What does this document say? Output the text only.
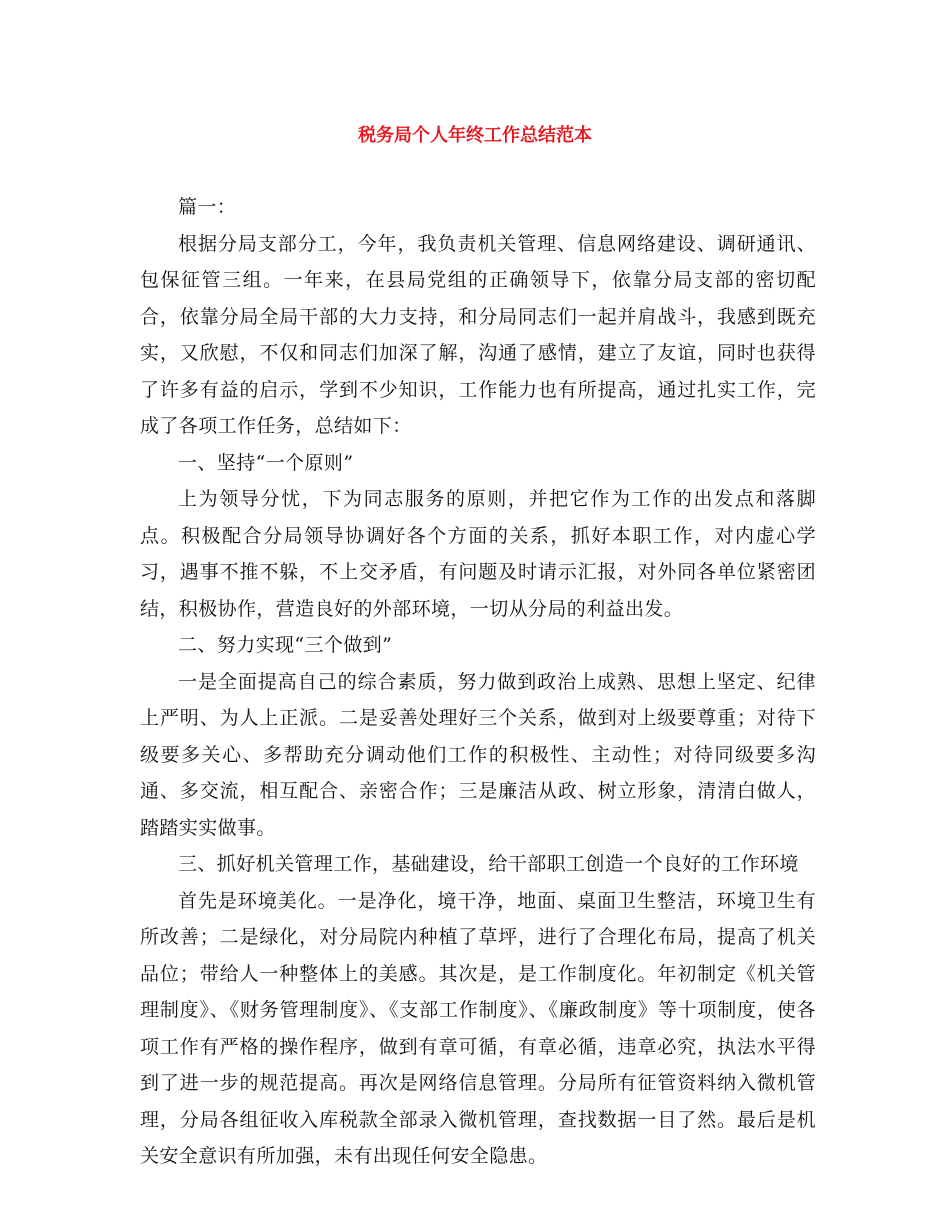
税务局个人年终工作总结范本

篇一：

根据分局支部分工，今年，我负责机关管理、信息网络建设、调研通讯、包保征管三组。一年来，在县局党组的正确领导下，依靠分局支部的密切配合，依靠分局全局干部的大力支持，和分局同志们一起并肩战斗，我感到既充实，又欣慰，不仅和同志们加深了解，沟通了感情，建立了友谊，同时也获得了许多有益的启示，学到不少知识，工作能力也有所提高，通过扎实工作，完成了各项工作任务，总结如下：

一、坚持“一个原则”

上为领导分忧，下为同志服务的原则，并把它作为工作的出发点和落脚点。积极配合分局领导协调好各个方面的关系，抓好本职工作，对内虚心学习，遇事不推不躲，不上交矛盾，有问题及时请示汇报，对外同各单位紧密团结，积极协作，营造良好的外部环境，一切从分局的利益出发。

二、努力实现“三个做到”

一是全面提高自己的综合素质，努力做到政治上成熟、思想上坚定、纪律上严明、为人上正派。二是妥善处理好三个关系，做到对上级要尊重；对待下级要多关心、多帮助充分调动他们工作的积极性、主动性；对待同级要多沟通、多交流，相互配合、亲密合作；三是廉洁从政、树立形象，清清白做人，踏踏实实做事。

三、抓好机关管理工作，基础建设，给干部职工创造一个良好的工作环境

首先是环境美化。一是净化，境干净，地面、桌面卫生整洁，环境卫生有所改善；二是绿化，对分局院内种植了草坪，进行了合理化布局，提高了机关品位；带给人一种整体上的美感。其次是，是工作制度化。年初制定《机关管理制度》、《财务管理制度》、《支部工作制度》、《廉政制度》等十项制度，使各项工作有严格的操作程序，做到有章可循，有章必循，违章必究，执法水平得到了进一步的规范提高。再次是网络信息管理。分局所有征管资料纳入微机管理，分局各组征收入库税款全部录入微机管理，查找数据一目了然。最后是机关安全意识有所加强，未有出现任何安全隐患。
